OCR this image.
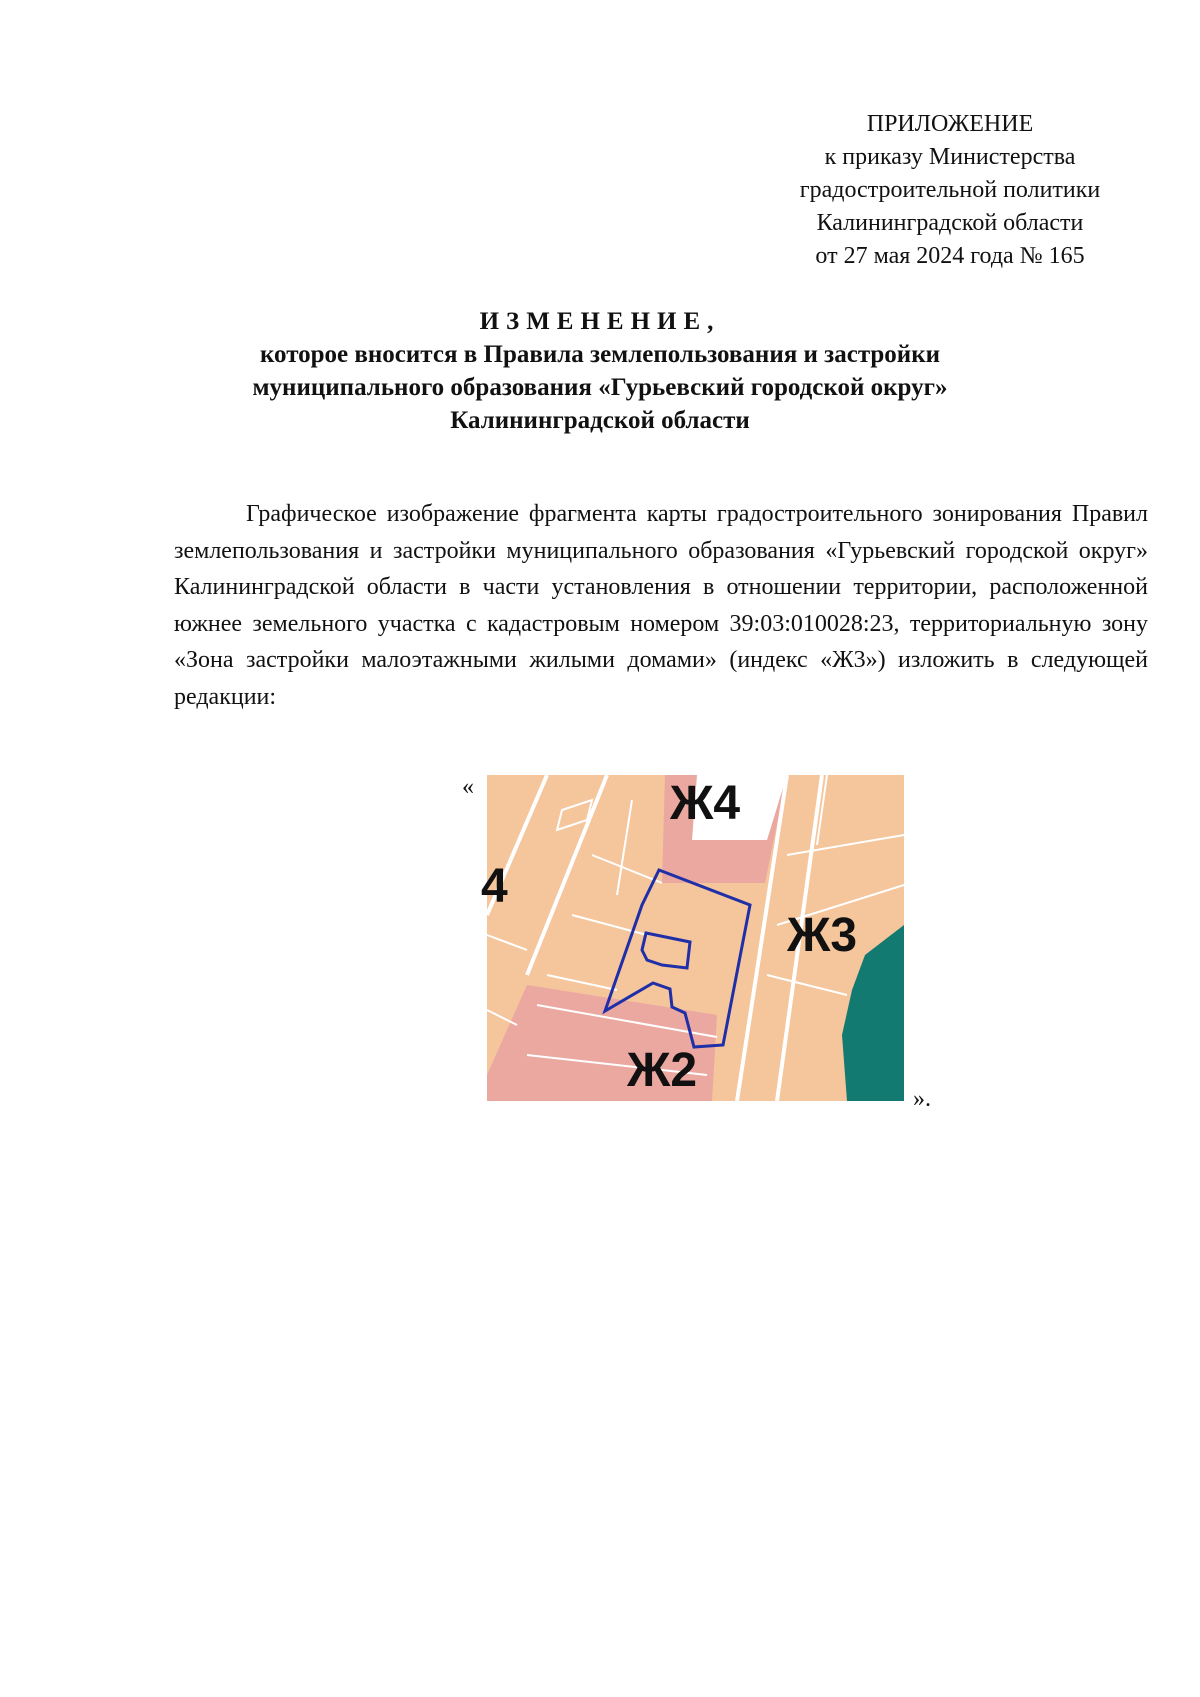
ПРИЛОЖЕНИЕ
к приказу Министерства
градостроительной политики
Калининградской области
от 27 мая 2024 года № 165
ИЗМЕНЕНИЕ,
которое вносится в Правила землепользования и застройки
муниципального образования «Гурьевский городской округ»
Калининградской области

Графическое изображение фрагмента карты градостроительного зонирования Правил землепользования и застройки муниципального образования «Гурьевский городской округ» Калининградской области в части установления в отношении территории, расположенной южнее земельного участка с кадастровым номером 39:03:010028:23, территориальную зону «Зона застройки малоэтажными жилыми домами» (индекс «Ж3») изложить в следующей редакции:

«	Ж4
Ж3
Ж2
4
».
